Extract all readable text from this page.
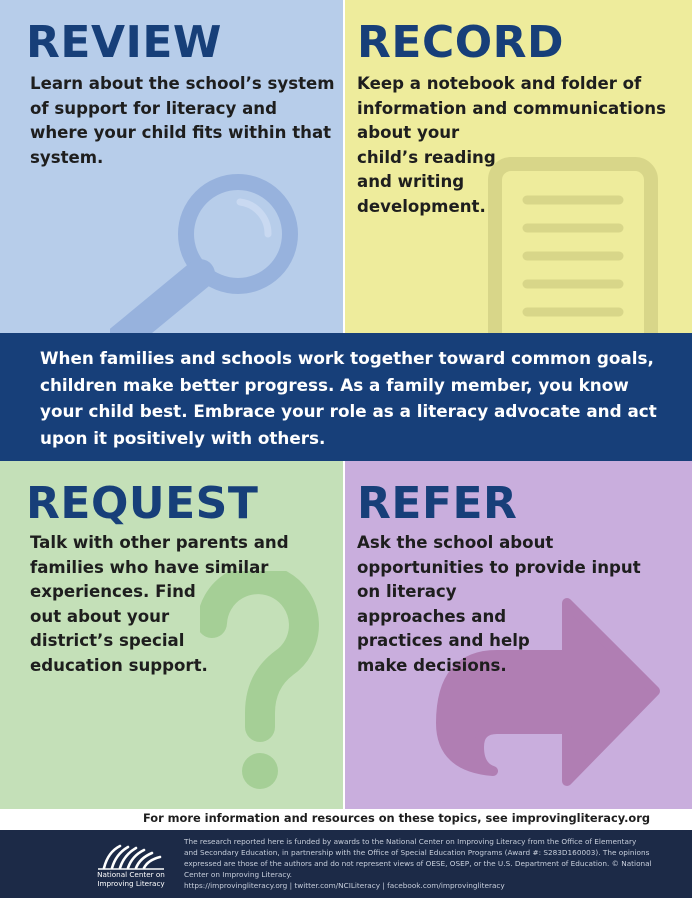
REVIEW

Learn about the school’s system
of support for literacy and
where your child fits within that
system.

RECORD

Keep a notebook and folder of
information and communications
about your
child’s reading
and writing
development.

When families and schools work together toward common goals,
children make better progress. As a family member, you know
your child best. Embrace your role as a literacy advocate and act
upon it positively with others.

REQUEST

Talk with other parents and
families who have similar
experiences. Find
out about your
district’s special
education support.

REFER

Ask the school about
opportunities to provide input
on literacy
approaches and
practices and help
make decisions.

For more information and resources on these topics, see improvingliteracy.org

National Center on
Improving Literacy

The research reported here is funded by awards to the National Center on Improving Literacy from the Office of Elementary and Secondary Education, in partnership with the Office of Special Education Programs (Award #: S283D160003). The opinions expressed are those of the authors and do not represent views of OESE, OSEP, or the U.S. Department of Education. © National Center on Improving Literacy.

https://improvingliteracy.org | twitter.com/NCILiteracy | facebook.com/improvingliteracy
